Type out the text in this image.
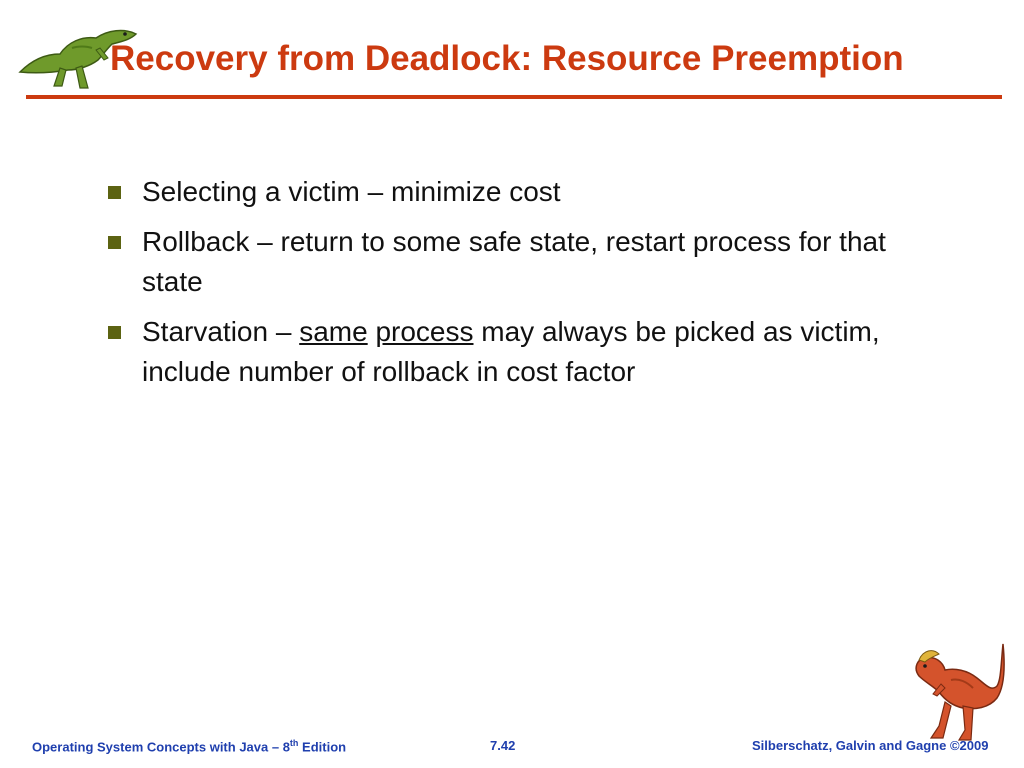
Recovery from Deadlock: Resource Preemption
Selecting a victim – minimize cost
Rollback – return to some safe state, restart process for that state
Starvation – same process may always be picked as victim, include number of rollback in cost factor
Operating System Concepts with Java – 8th Edition	7.42	Silberschatz, Galvin and Gagne ©2009
